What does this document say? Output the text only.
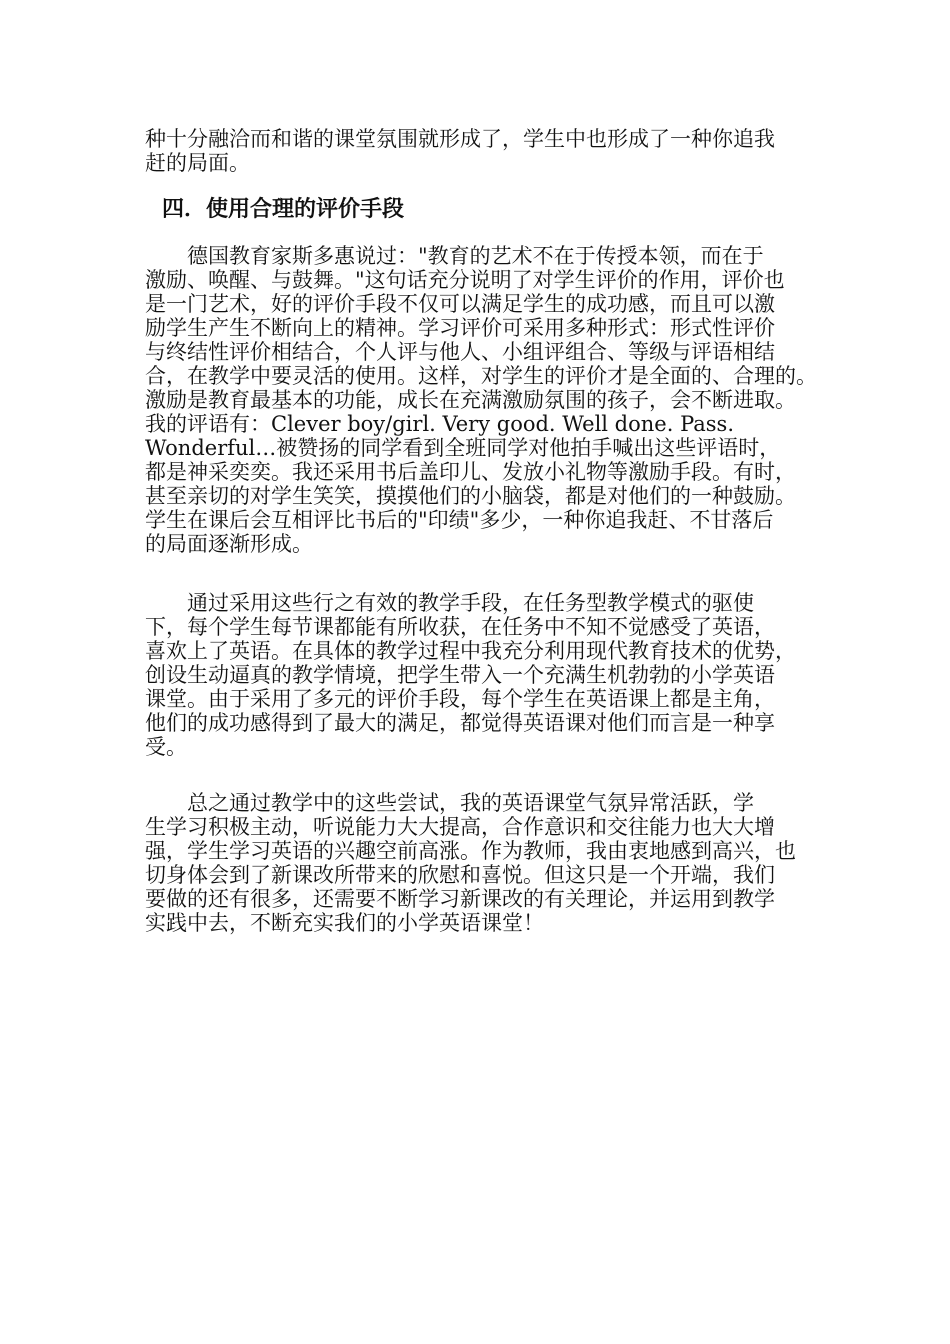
种十分融洽而和谐的课堂氛围就形成了，学生中也形成了一种你追我

赶的局面。

四．使用合理的评价手段

　　德国教育家斯多惠说过："教育的艺术不在于传授本领，而在于

激励、唤醒、与鼓舞。"这句话充分说明了对学生评价的作用，评价也

是一门艺术，好的评价手段不仅可以满足学生的成功感，而且可以激

励学生产生不断向上的精神。学习评价可采用多种形式：形式性评价

与终结性评价相结合，个人评与他人、小组评组合、等级与评语相结

合，在教学中要灵活的使用。这样，对学生的评价才是全面的、合理的。

激励是教育最基本的功能，成长在充满激励氛围的孩子，会不断进取。

我的评语有：Clever boy/girl. Very good. Well done. Pass.

Wonderful…被赞扬的同学看到全班同学对他拍手喊出这些评语时，

都是神采奕奕。我还采用书后盖印儿、发放小礼物等激励手段。有时，

甚至亲切的对学生笑笑，摸摸他们的小脑袋，都是对他们的一种鼓励。

学生在课后会互相评比书后的"印绩"多少，一种你追我赶、不甘落后

的局面逐渐形成。

　　通过采用这些行之有效的教学手段，在任务型教学模式的驱使

下，每个学生每节课都能有所收获，在任务中不知不觉感受了英语，

喜欢上了英语。在具体的教学过程中我充分利用现代教育技术的优势，

创设生动逼真的教学情境，把学生带入一个充满生机勃勃的小学英语

课堂。由于采用了多元的评价手段，每个学生在英语课上都是主角，

他们的成功感得到了最大的满足，都觉得英语课对他们而言是一种享

受。

　　总之通过教学中的这些尝试，我的英语课堂气氛异常活跃，学

生学习积极主动，听说能力大大提高，合作意识和交往能力也大大增

强，学生学习英语的兴趣空前高涨。作为教师，我由衷地感到高兴，也

切身体会到了新课改所带来的欣慰和喜悦。但这只是一个开端，我们

要做的还有很多，还需要不断学习新课改的有关理论，并运用到教学

实践中去，不断充实我们的小学英语课堂！
